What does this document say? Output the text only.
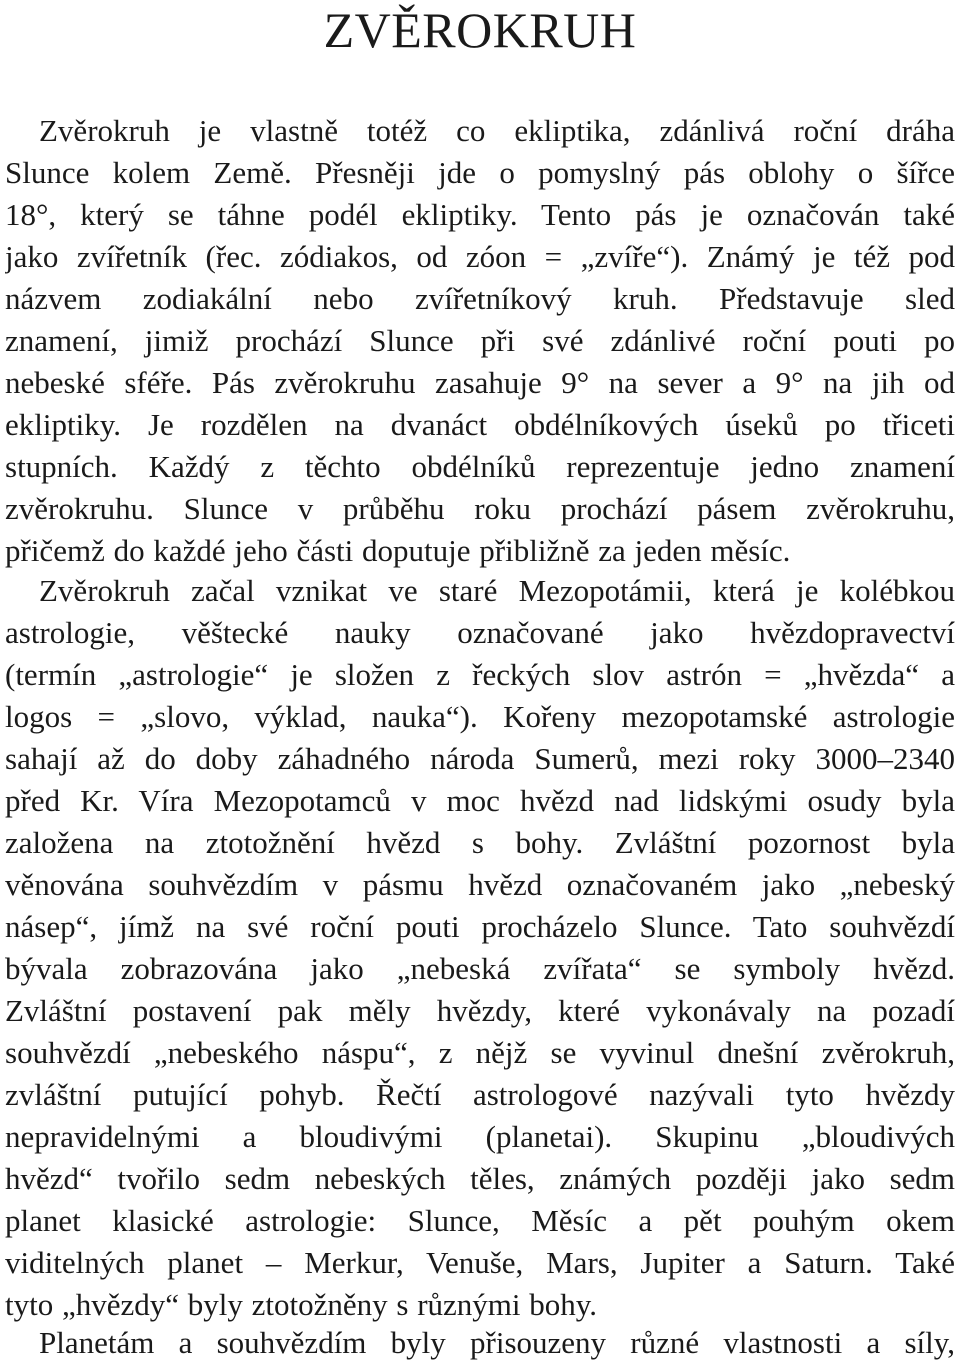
ZVĚROKRUH
Zvěrokruh je vlastně totéž co ekliptika, zdánlivá roční dráha
Slunce kolem Země. Přesněji jde o pomyslný pás oblohy o šířce
18°, který se táhne podél ekliptiky. Tento pás je označován také
jako zvířetník (řec. zódiakos, od zóon = „zvíře“). Známý je též pod
názvem zodiakální nebo zvířetníkový kruh. Představuje sled
znamení, jimiž prochází Slunce při své zdánlivé roční pouti po
nebeské sféře. Pás zvěrokruhu zasahuje 9° na sever a 9° na jih od
ekliptiky. Je rozdělen na dvanáct obdélníkových úseků po třiceti
stupních. Každý z těchto obdélníků reprezentuje jedno znamení
zvěrokruhu. Slunce v průběhu roku prochází pásem zvěrokruhu,
přičemž do každé jeho části doputuje přibližně za jeden měsíc.
Zvěrokruh začal vznikat ve staré Mezopotámii, která je kolébkou
astrologie, věštecké nauky označované jako hvězdopravectví
(termín „astrologie“ je složen z řeckých slov astrón = „hvězda“ a
logos = „slovo, výklad, nauka“). Kořeny mezopotamské astrologie
sahají až do doby záhadného národa Sumerů, mezi roky 3000–2340
před Kr. Víra Mezopotamců v moc hvězd nad lidskými osudy byla
založena na ztotožnění hvězd s bohy. Zvláštní pozornost byla
věnována souhvězdím v pásmu hvězd označovaném jako „nebeský
násep“, jímž na své roční pouti procházelo Slunce. Tato souhvězdí
bývala zobrazována jako „nebeská zvířata“ se symboly hvězd.
Zvláštní postavení pak měly hvězdy, které vykonávaly na pozadí
souhvězdí „nebeského náspu“, z nějž se vyvinul dnešní zvěrokruh,
zvláštní putující pohyb. Řečtí astrologové nazývali tyto hvězdy
nepravidelnými a bloudivými (planetai). Skupinu „bloudivých
hvězd“ tvořilo sedm nebeských těles, známých později jako sedm
planet klasické astrologie: Slunce, Měsíc a pět pouhým okem
viditelných planet – Merkur, Venuše, Mars, Jupiter a Saturn. Také
tyto „hvězdy“ byly ztotožněny s různými bohy.
Planetám a souhvězdím byly přisouzeny různé vlastnosti a síly,
